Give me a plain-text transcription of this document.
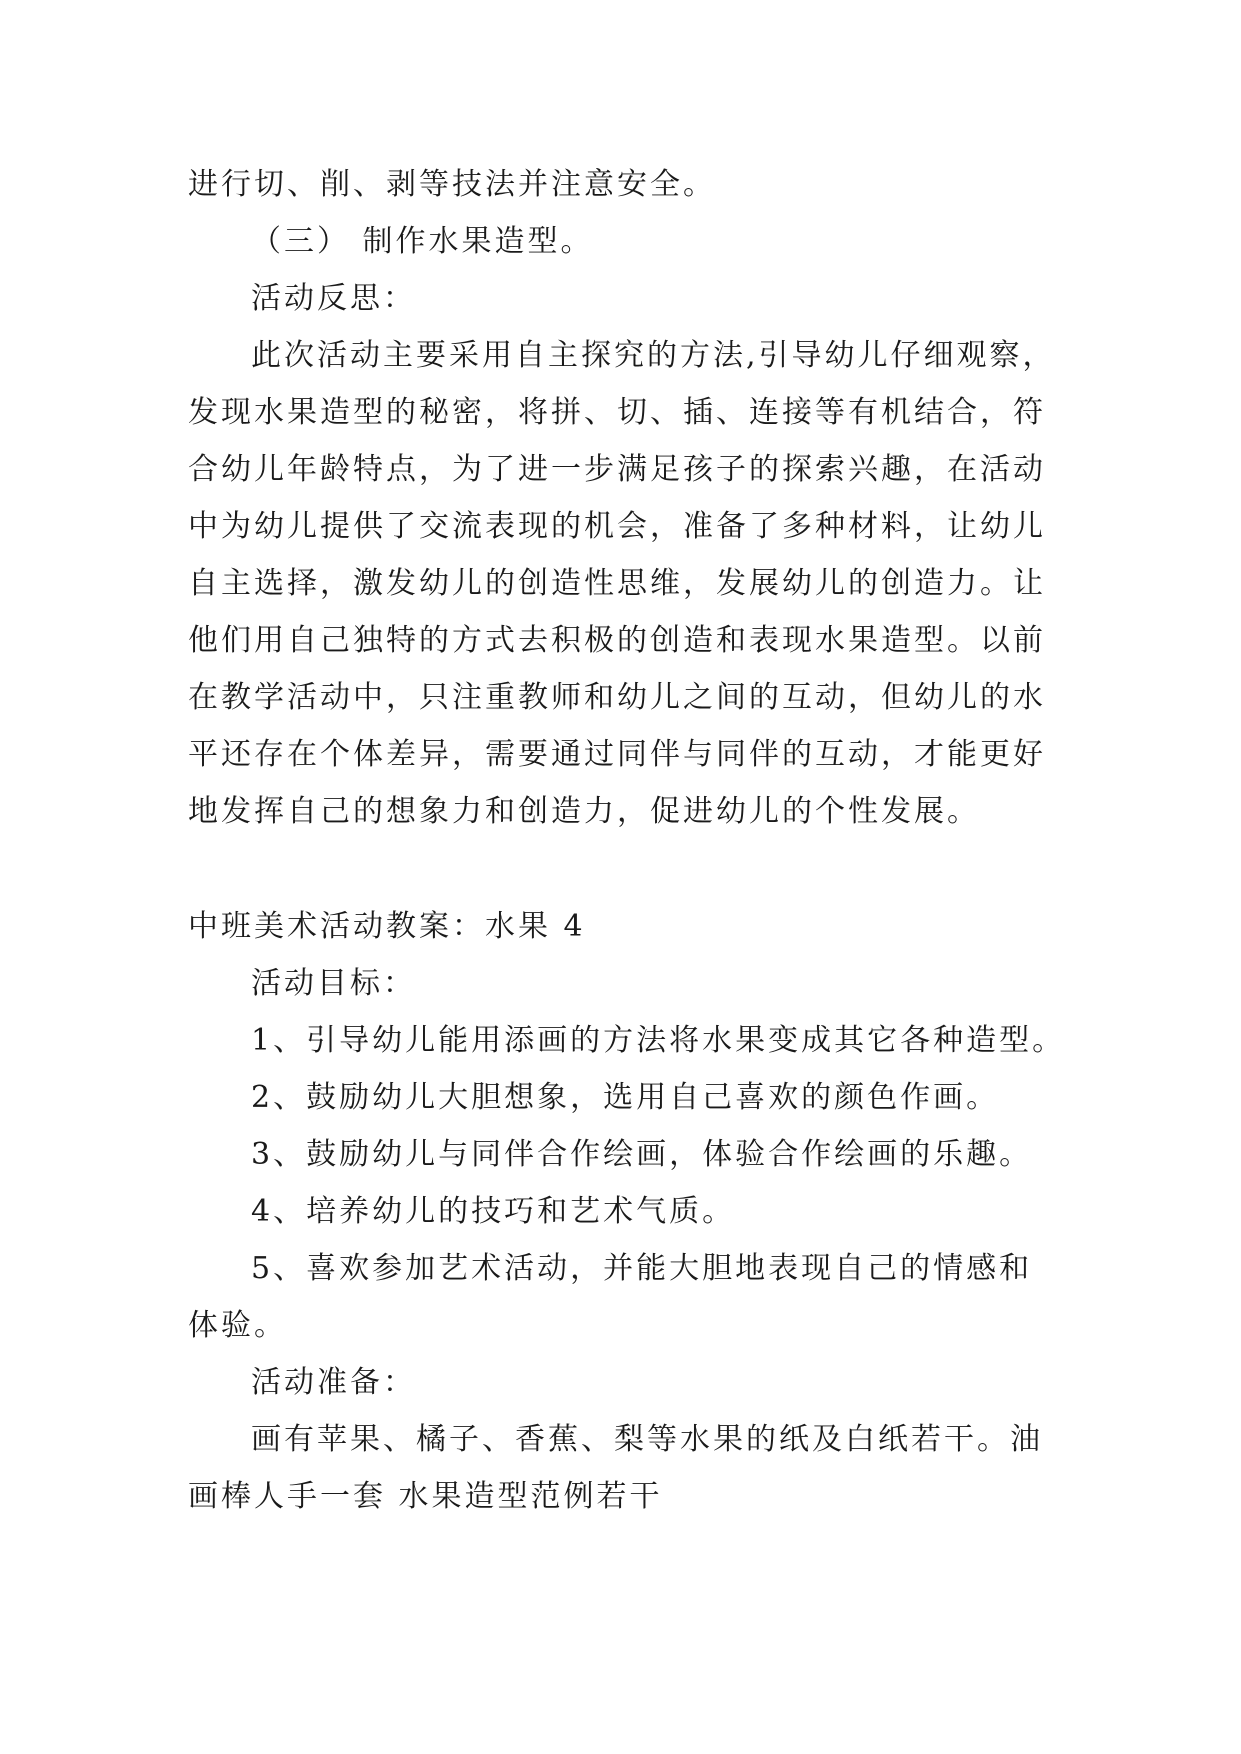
进行切、削、剥等技法并注意安全。

（三） 制作水果造型。

活动反思：

此次活动主要采用自主探究的方法,引导幼儿仔细观察，

发现水果造型的秘密，将拼、切、插、连接等有机结合，符

合幼儿年龄特点，为了进一步满足孩子的探索兴趣，在活动

中为幼儿提供了交流表现的机会，准备了多种材料，让幼儿

自主选择，激发幼儿的创造性思维，发展幼儿的创造力。让

他们用自己独特的方式去积极的创造和表现水果造型。以前

在教学活动中，只注重教师和幼儿之间的互动，但幼儿的水

平还存在个体差异，需要通过同伴与同伴的互动，才能更好

地发挥自己的想象力和创造力，促进幼儿的个性发展。

中班美术活动教案：水果 4

活动目标：

1、引导幼儿能用添画的方法将水果变成其它各种造型。

2、鼓励幼儿大胆想象，选用自己喜欢的颜色作画。

3、鼓励幼儿与同伴合作绘画，体验合作绘画的乐趣。

4、培养幼儿的技巧和艺术气质。

5、喜欢参加艺术活动，并能大胆地表现自己的情感和

体验。

活动准备：

画有苹果、橘子、香蕉、梨等水果的纸及白纸若干。油

画棒人手一套 水果造型范例若干
